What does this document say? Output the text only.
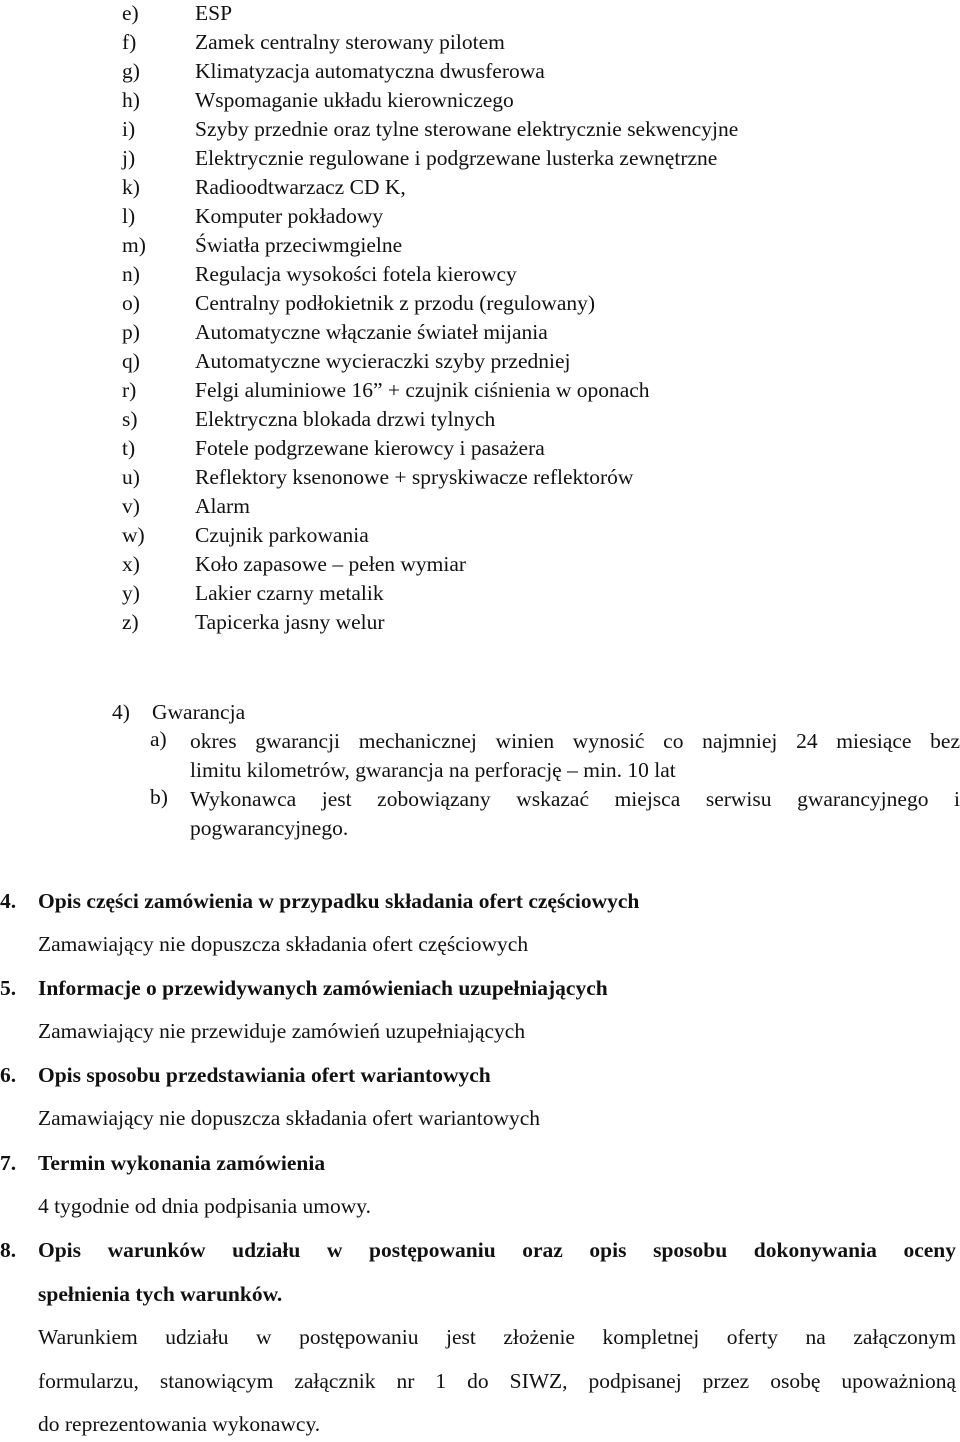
e)	ESP
f)	Zamek centralny sterowany pilotem
g)	Klimatyzacja automatyczna dwusferowa
h)	Wspomaganie układu kierowniczego
i)	Szyby przednie oraz tylne sterowane elektrycznie sekwencyjne
j)	Elektrycznie regulowane i podgrzewane lusterka zewnętrzne
k)	Radioodtwarzacz CD K,
l)	Komputer pokładowy
m) Światła przeciwmgielne
n)	Regulacja wysokości fotela kierowcy
o)	Centralny podłokietnik z przodu (regulowany)
p)	Automatyczne włączanie świateł mijania
q)	Automatyczne wycieraczki szyby przedniej
r)	Felgi aluminiowe 16” + czujnik ciśnienia w oponach
s)	Elektryczna blokada drzwi tylnych
t)	Fotele podgrzewane kierowcy i pasażera
u)	Reflektory ksenonowe + spryskiwacze reflektorów
v)	Alarm
w) Czujnik parkowania
x)	Koło zapasowe – pełen wymiar
y)	Lakier czarny metalik
z)	Tapicerka jasny welur
4) Gwarancja
a) okres gwarancji mechanicznej winien wynosić co najmniej 24 miesiące bez
limitu kilometrów, gwarancja na perforację – min. 10 lat
b) Wykonawca jest zobowiązany wskazać miejsca serwisu gwarancyjnego i
pogwarancyjnego.
4. Opis części zamówienia w przypadku składania ofert częściowych
Zamawiający nie dopuszcza składania ofert częściowych
5. Informacje o przewidywanych zamówieniach uzupełniających
Zamawiający nie przewiduje zamówień uzupełniających
6. Opis sposobu przedstawiania ofert wariantowych
Zamawiający nie dopuszcza składania ofert wariantowych
7. Termin wykonania zamówienia
4 tygodnie od dnia podpisania umowy.
8. Opis warunków udziału w postępowaniu oraz opis sposobu dokonywania oceny
spełnienia tych warunków.
Warunkiem udziału w postępowaniu jest złożenie kompletnej oferty na załączonym
formularzu, stanowiącym załącznik nr 1 do SIWZ, podpisanej przez osobę upoważnioną
do reprezentowania wykonawcy.
